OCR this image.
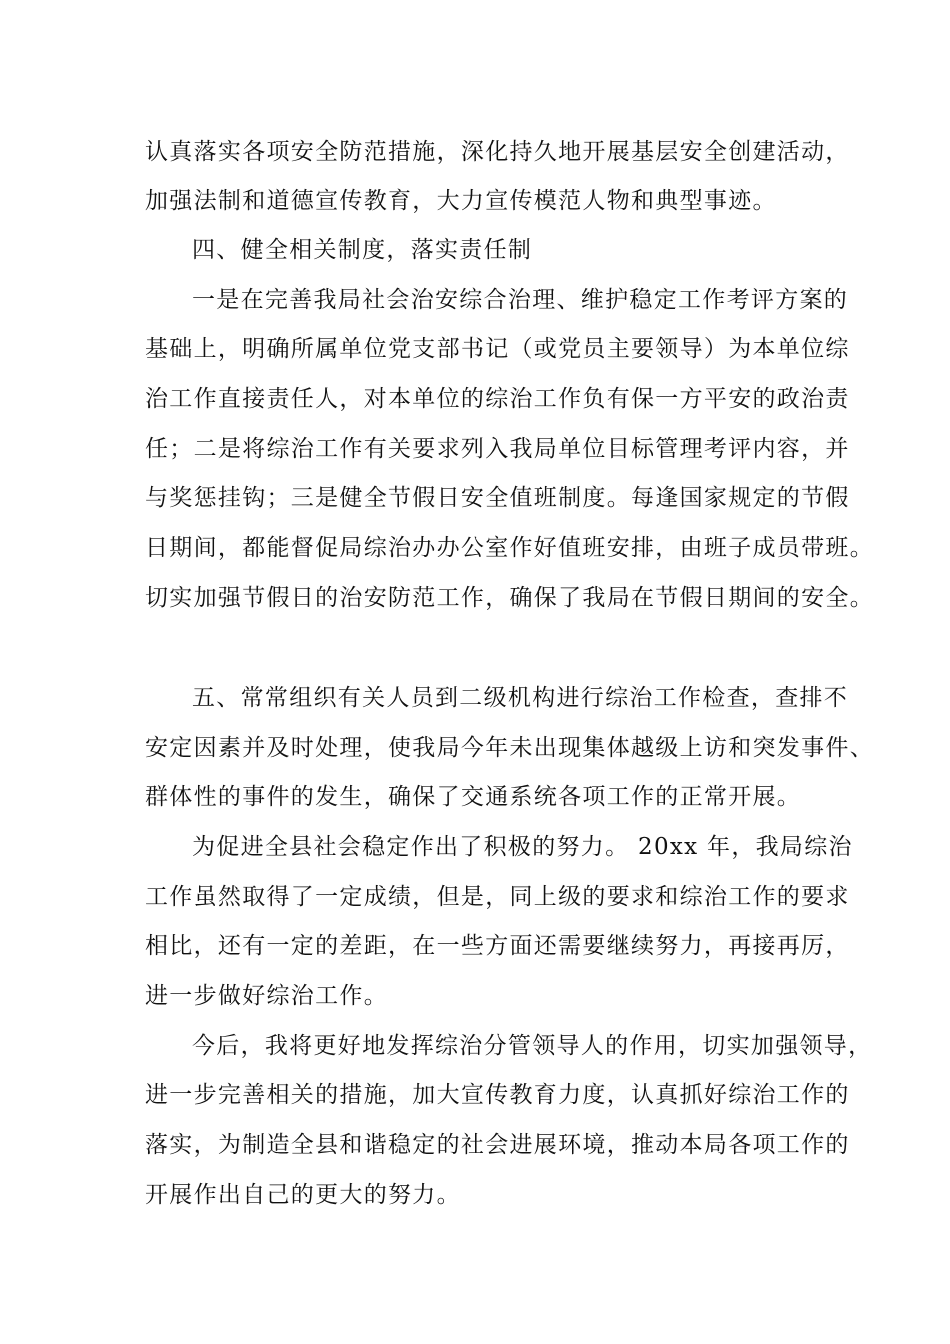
认真落实各项安全防范措施，深化持久地开展基层安全创建活动，
加强法制和道德宣传教育，大力宣传模范人物和典型事迹。
四、健全相关制度，落实责任制
一是在完善我局社会治安综合治理、维护稳定工作考评方案的
基础上，明确所属单位党支部书记（或党员主要领导）为本单位综
治工作直接责任人，对本单位的综治工作负有保一方平安的政治责
任；二是将综治工作有关要求列入我局单位目标管理考评内容，并
与奖惩挂钩；三是健全节假日安全值班制度。每逢国家规定的节假
日期间，都能督促局综治办办公室作好值班安排，由班子成员带班。
切实加强节假日的治安防范工作，确保了我局在节假日期间的安全。
五、常常组织有关人员到二级机构进行综治工作检查，查排不
安定因素并及时处理，使我局今年未出现集体越级上访和突发事件、
群体性的事件的发生，确保了交通系统各项工作的正常开展。
为促进全县社会稳定作出了积极的努力。 20xx 年，我局综治
工作虽然取得了一定成绩，但是，同上级的要求和综治工作的要求
相比，还有一定的差距，在一些方面还需要继续努力，再接再厉，
进一步做好综治工作。
今后，我将更好地发挥综治分管领导人的作用，切实加强领导，
进一步完善相关的措施，加大宣传教育力度，认真抓好综治工作的
落实，为制造全县和谐稳定的社会进展环境，推动本局各项工作的
开展作出自己的更大的努力。
